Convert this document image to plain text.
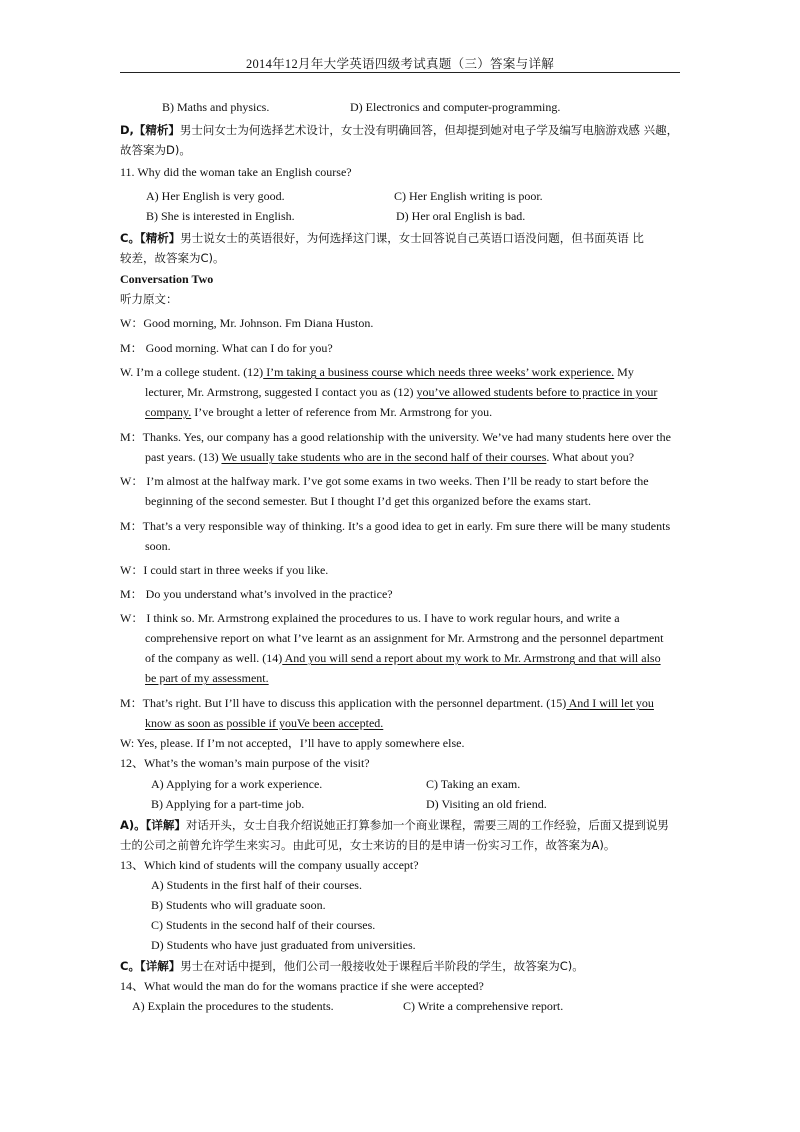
2014年12月年大学英语四级考试真题（三）答案与详解
B) Maths and physics.	D) Electronics and computer-programming.
D,【精析】男士问女士为何选择艺术设计，女士没有明确回答，但却提到她对电子学及编写电脑游戏感 兴趣，
故答案为D)。
11. Why did the woman take an English course?
A) Her English is very good.	C) Her English writing is poor.
B) She is interested in English.	D) Her oral English is bad.
C。【精析】男士说女士的英语很好，为何选择这门课，女士回答说自己英语口语没问题，但书面英语 比
较差，故答案为C)。
Conversation Two
听力原文：
W：Good morning, Mr. Johnson. Fm Diana Huston.
M： Good morning. What can I do for you?
W. I’m a college student. (12) I’m taking a business course which needs three weeks’ work experience. My
lecturer, Mr. Armstrong, suggested I contact you as (12) you’ve allowed students before to practice in your
company. I’ve brought a letter of reference from Mr. Armstrong for you.
M：Thanks. Yes, our company has a good relationship with the university. We’ve had many students here over the
past years. (13) We usually take students who are in the second half of their courses. What about you?
W： I’m almost at the halfway mark. I’ve got some exams in two weeks. Then I’ll be ready to start before the
beginning of the second semester. But I thought I’d get this organized before the exams start.
M：That’s a very responsible way of thinking. It’s a good idea to get in early. Fm sure there will be many students
soon.
W：I could start in three weeks if you like.
M： Do you understand what’s involved in the practice?
W： I think so. Mr. Armstrong explained the procedures to us. I have to work regular hours, and write a
comprehensive report on what I’ve learnt as an assignment for Mr. Armstrong and the personnel department
of the company as well. (14) And you will send a report about my work to Mr. Armstrong and that will also
be part of my assessment.
M：That’s right. But I’ll have to discuss this application with the personnel department. (15) And I will let you
know as soon as possible if youVe been accepted.
W: Yes, please. If I’m not accepted，I’ll have to apply somewhere else.
12、What’s the woman’s main purpose of the visit?
A) Applying for a work experience.	C) Taking an exam.
B) Applying for a part-time job.	D) Visiting an old friend.
A)。【详解】对话开头，女士自我介绍说她正打算参加一个商业课程，需要三周的工作经验，后面又提到说男
士的公司之前曾允许学生来实习。由此可见，女士来访的目的是申请一份实习工作，故答案为A)。
13、Which kind of students will the company usually accept?
A) Students in the first half of their courses.
B) Students who will graduate soon.
C) Students in the second half of their courses.
D) Students who have just graduated from universities.
C。【详解】男士在对话中提到，他们公司一般接收处于课程后半阶段的学生，故答案为C)。
14、What would the man do for the womans practice if she were accepted?
A) Explain the procedures to the students.	C) Write a comprehensive report.
